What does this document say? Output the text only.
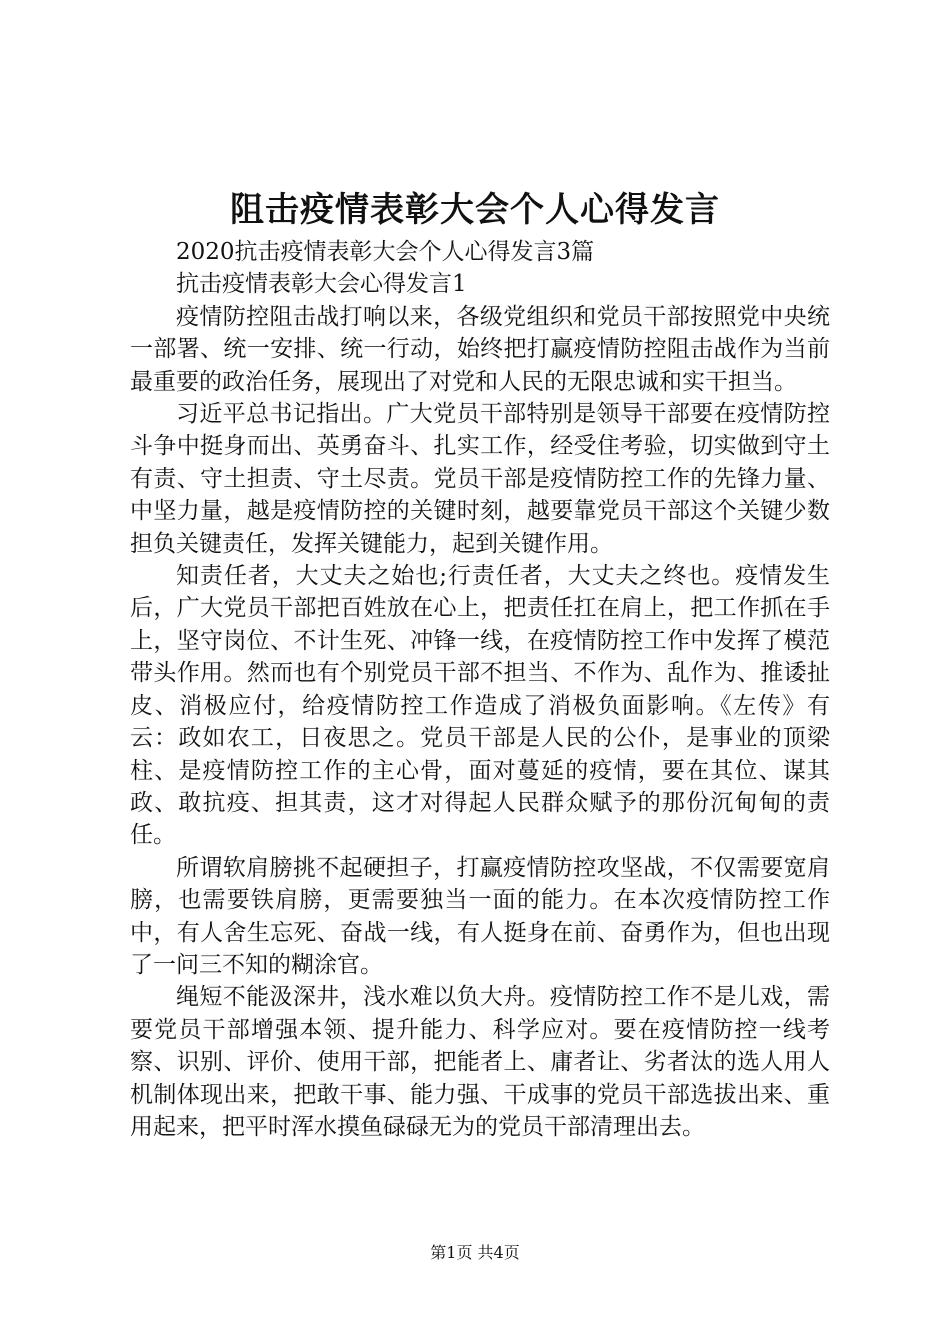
阻击疫情表彰大会个人心得发言

2020抗击疫情表彰大会个人心得发言3篇

抗击疫情表彰大会心得发言1

疫情防控阻击战打响以来，各级党组织和党员干部按照党中央统一部署、统一安排、统一行动，始终把打赢疫情防控阻击战作为当前最重要的政治任务，展现出了对党和人民的无限忠诚和实干担当。

习近平总书记指出。广大党员干部特别是领导干部要在疫情防控斗争中挺身而出、英勇奋斗、扎实工作，经受住考验，切实做到守土有责、守土担责、守土尽责。党员干部是疫情防控工作的先锋力量、中坚力量，越是疫情防控的关键时刻，越要靠党员干部这个关键少数担负关键责任，发挥关键能力，起到关键作用。

知责任者，大丈夫之始也;行责任者，大丈夫之终也。疫情发生后，广大党员干部把百姓放在心上，把责任扛在肩上，把工作抓在手上，坚守岗位、不计生死、冲锋一线，在疫情防控工作中发挥了模范带头作用。然而也有个别党员干部不担当、不作为、乱作为、推诿扯皮、消极应付，给疫情防控工作造成了消极负面影响。《左传》有云：政如农工，日夜思之。党员干部是人民的公仆，是事业的顶梁柱、是疫情防控工作的主心骨，面对蔓延的疫情，要在其位、谋其政、敢抗疫、担其责，这才对得起人民群众赋予的那份沉甸甸的责任。

所谓软肩膀挑不起硬担子，打赢疫情防控攻坚战，不仅需要宽肩膀，也需要铁肩膀，更需要独当一面的能力。在本次疫情防控工作中，有人舍生忘死、奋战一线，有人挺身在前、奋勇作为，但也出现了一问三不知的糊涂官。

绳短不能汲深井，浅水难以负大舟。疫情防控工作不是儿戏，需要党员干部增强本领、提升能力、科学应对。要在疫情防控一线考察、识别、评价、使用干部，把能者上、庸者让、劣者汰的选人用人机制体现出来，把敢干事、能力强、干成事的党员干部选拔出来、重用起来，把平时浑水摸鱼碌碌无为的党员干部清理出去。

第1页 共4页
